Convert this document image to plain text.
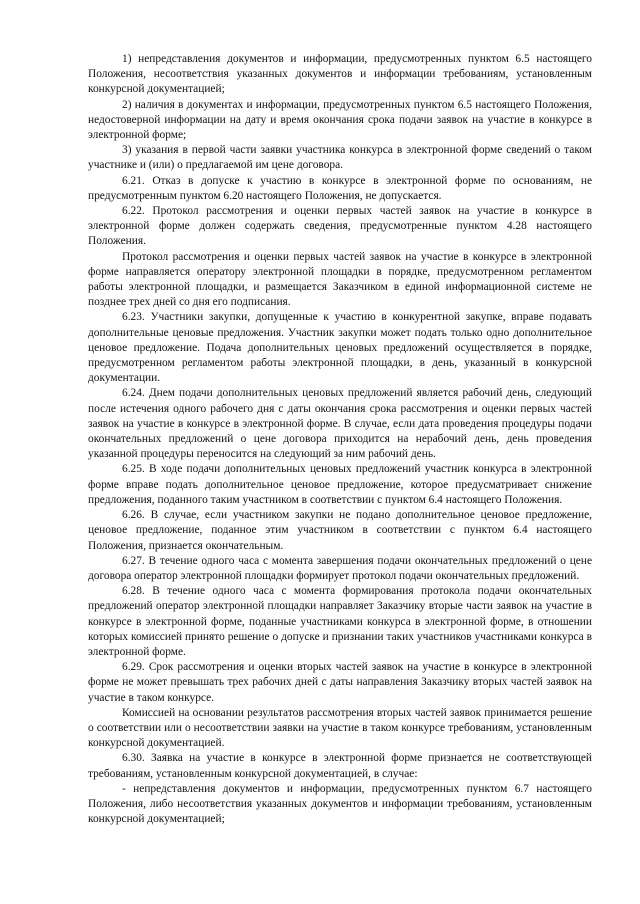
1) непредставления документов и информации, предусмотренных пунктом 6.5 настоящего Положения, несоответствия указанных документов и информации требованиям, установленным конкурсной документацией;

2) наличия в документах и информации, предусмотренных пунктом 6.5 настоящего Положения, недостоверной информации на дату и время окончания срока подачи заявок на участие в конкурсе в электронной форме;

3) указания в первой части заявки участника конкурса в электронной форме сведений о таком участнике и (или) о предлагаемой им цене договора.

6.21. Отказ в допуске к участию в конкурсе в электронной форме по основаниям, не предусмотренным пунктом 6.20 настоящего Положения, не допускается.

6.22. Протокол рассмотрения и оценки первых частей заявок на участие в конкурсе в электронной форме должен содержать сведения, предусмотренные пунктом 4.28 настоящего Положения.

Протокол рассмотрения и оценки первых частей заявок на участие в конкурсе в электронной форме направляется оператору электронной площадки в порядке, предусмотренном регламентом работы электронной площадки, и размещается Заказчиком в единой информационной системе не позднее трех дней со дня его подписания.

6.23. Участники закупки, допущенные к участию в конкурентной закупке, вправе подавать дополнительные ценовые предложения. Участник закупки может подать только одно дополнительное ценовое предложение. Подача дополнительных ценовых предложений осуществляется в порядке, предусмотренном регламентом работы электронной площадки, в день, указанный в конкурсной документации.

6.24. Днем подачи дополнительных ценовых предложений является рабочий день, следующий после истечения одного рабочего дня с даты окончания срока рассмотрения и оценки первых частей заявок на участие в конкурсе в электронной форме. В случае, если дата проведения процедуры подачи окончательных предложений о цене договора приходится на нерабочий день, день проведения указанной процедуры переносится на следующий за ним рабочий день.

6.25. В ходе подачи дополнительных ценовых предложений участник конкурса в электронной форме вправе подать дополнительное ценовое предложение, которое предусматривает снижение предложения, поданного таким участником в соответствии с пунктом 6.4 настоящего Положения.

6.26. В случае, если участником закупки не подано дополнительное ценовое предложение, ценовое предложение, поданное этим участником в соответствии с пунктом 6.4 настоящего Положения, признается окончательным.

6.27. В течение одного часа с момента завершения подачи окончательных предложений о цене договора оператор электронной площадки формирует протокол подачи окончательных предложений.

6.28. В течение одного часа с момента формирования протокола подачи окончательных предложений оператор электронной площадки направляет Заказчику вторые части заявок на участие в конкурсе в электронной форме, поданные участниками конкурса в электронной форме, в отношении которых комиссией принято решение о допуске и признании таких участников участниками конкурса в электронной форме.

6.29. Срок рассмотрения и оценки вторых частей заявок на участие в конкурсе в электронной форме не может превышать трех рабочих дней с даты направления Заказчику вторых частей заявок на участие в таком конкурсе.

Комиссией на основании результатов рассмотрения вторых частей заявок принимается решение о соответствии или о несоответствии заявки на участие в таком конкурсе требованиям, установленным конкурсной документацией.

6.30. Заявка на участие в конкурсе в электронной форме признается не соответствующей требованиям, установленным конкурсной документацией, в случае:

- непредставления документов и информации, предусмотренных пунктом 6.7 настоящего Положения, либо несоответствия указанных документов и информации требованиям, установленным конкурсной документацией;
